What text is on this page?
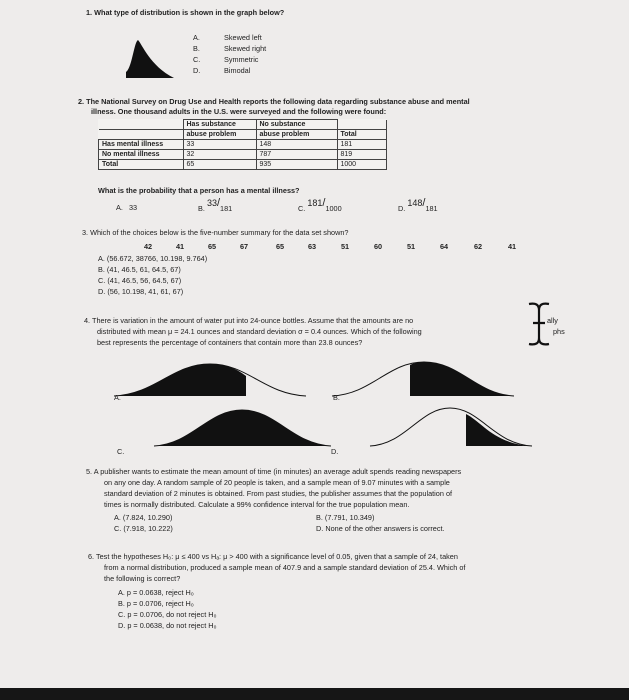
1. What type of distribution is shown in the graph below?
A.	Skewed left
B.	Skewed right
C.	Symmetric
D.	Bimodal
2. The National Survey on Drug Use and Health reports the following data regarding substance abuse and mental
illness. One thousand adults in the U.S. were surveyed and the following were found:
	Has substance	No substance	
	abuse problem	abuse problem	Total
Has mental illness	33	148	181
No mental illness	32	787	819
Total	65	935	1000
What is the probability that a person has a mental illness?
A. 33	B. 33/181	C. 181/1000	D. 148/181
3. Which of the choices below is the five-number summary for the data set shown?
42	41	65	67	65	63	51	60	51	64	62	41
A. (56.672, 38766, 10.198, 9.764)
B. (41, 46.5, 61, 64.5, 67)
C. (41, 46.5, 56, 64.5, 67)
D. (56, 10.198, 41, 61, 67)
4. There is variation in the amount of water put into 24-ounce bottles. Assume that the amounts are no	ally
distributed with mean μ = 24.1 ounces and standard deviation σ = 0.4 ounces. Which of the following	phs
best represents the percentage of containers that contain more than 23.8 ounces?
A.	B.
C.	D.
5. A publisher wants to estimate the mean amount of time (in minutes) an average adult spends reading newspapers
on any one day. A random sample of 20 people is taken, and a sample mean of 9.07 minutes with a sample
standard deviation of 2 minutes is obtained. From past studies, the publisher assumes that the population of
times is normally distributed. Calculate a 99% confidence interval for the true population mean.
A. (7.824, 10.290)	B. (7.791, 10.349)
C. (7.918, 10.222)	D. None of the other answers is correct.
6. Test the hypotheses H₀: μ ≤ 400 vs Hₐ: μ > 400 with a significance level of 0.05, given that a sample of 24, taken
from a normal distribution, produced a sample mean of 407.9 and a sample standard deviation of 25.4. Which of
the following is correct?
A. p = 0.0638, reject H₀
B. p = 0.0706, reject H₀
C. p = 0.0706, do not reject H₀
D. p = 0.0638, do not reject H₀
